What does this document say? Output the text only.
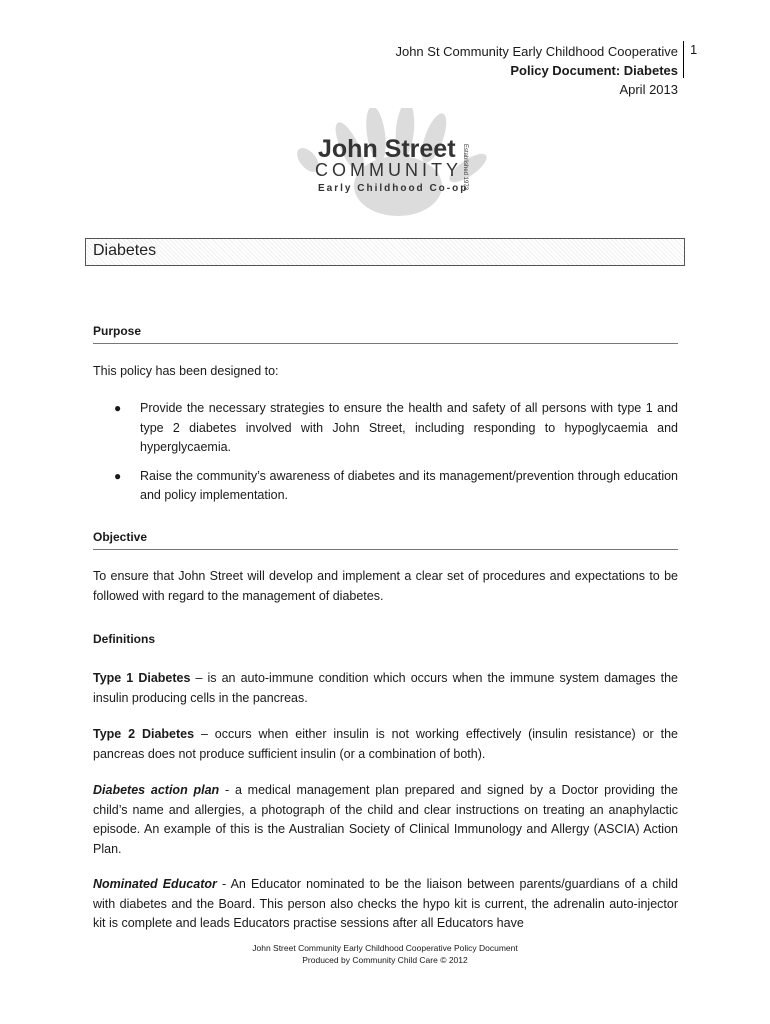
John St Community Early Childhood Cooperative
Policy Document: Diabetes
April 2013
1
John Street
COMMUNITY
Early Childhood Co-op
Established 1973
Diabetes
Purpose
This policy has been designed to:
● Provide the necessary strategies to ensure the health and safety of all persons with type 1 and type 2 diabetes involved with John Street, including responding to hypoglycaemia and hyperglycaemia.
● Raise the community’s awareness of diabetes and its management/prevention through education and policy implementation.
Objective
To ensure that John Street will develop and implement a clear set of procedures and expectations to be followed with regard to the management of diabetes.
Definitions
Type 1 Diabetes – is an auto-immune condition which occurs when the immune system damages the insulin producing cells in the pancreas.
Type 2 Diabetes – occurs when either insulin is not working effectively (insulin resistance) or the pancreas does not produce sufficient insulin (or a combination of both).
Diabetes action plan - a medical management plan prepared and signed by a Doctor providing the child’s name and allergies, a photograph of the child and clear instructions on treating an anaphylactic episode. An example of this is the Australian Society of Clinical Immunology and Allergy (ASCIA) Action Plan.
Nominated Educator - An Educator nominated to be the liaison between parents/guardians of a child with diabetes and the Board. This person also checks the hypo kit is current, the adrenalin auto-injector kit is complete and leads Educators practise sessions after all Educators have
John Street Community Early Childhood Cooperative Policy Document
Produced by Community Child Care © 2012
